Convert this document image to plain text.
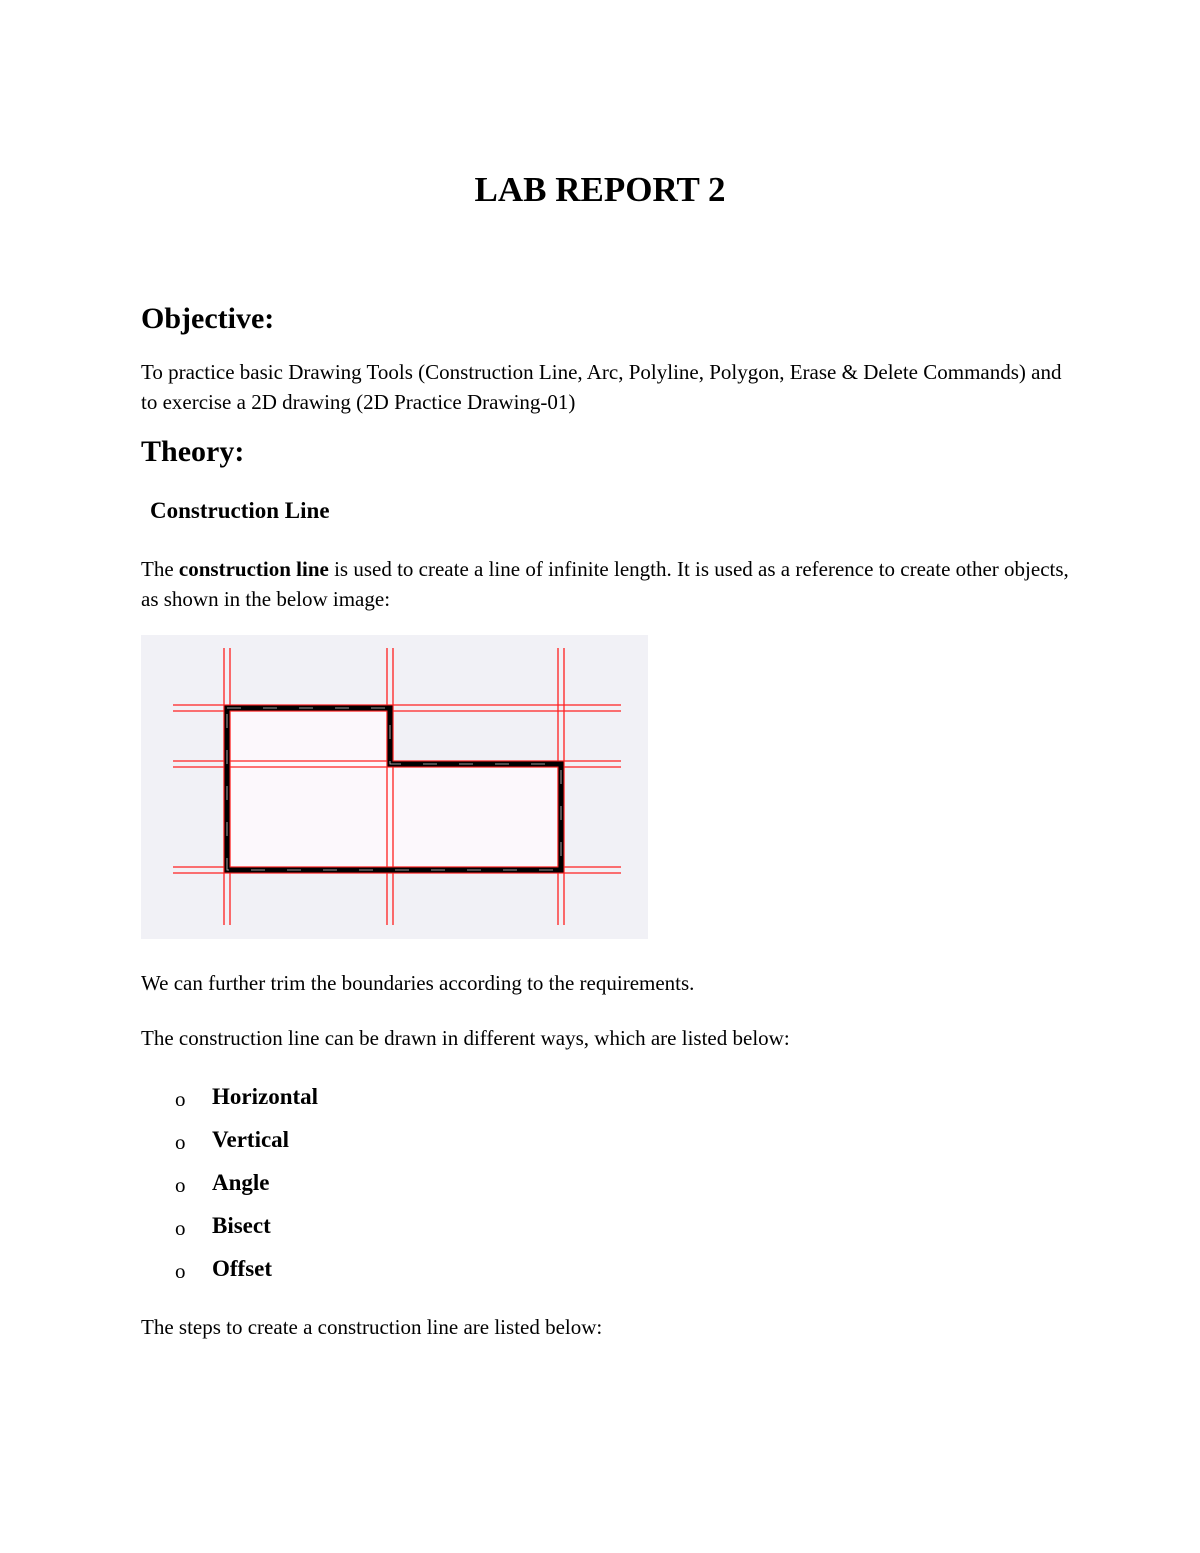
LAB REPORT 2
Objective:

To practice basic Drawing Tools (Construction Line, Arc, Polyline, Polygon, Erase & Delete Commands) and to exercise a 2D drawing (2D Practice Drawing-01)

Theory:
Construction Line

The construction line is used to create a line of infinite length. It is used as a reference to create other objects, as shown in the below image:

We can further trim the boundaries according to the requirements.

The construction line can be drawn in different ways, which are listed below:

o Horizontal
o Vertical
o Angle
o Bisect
o Offset

The steps to create a construction line are listed below:
